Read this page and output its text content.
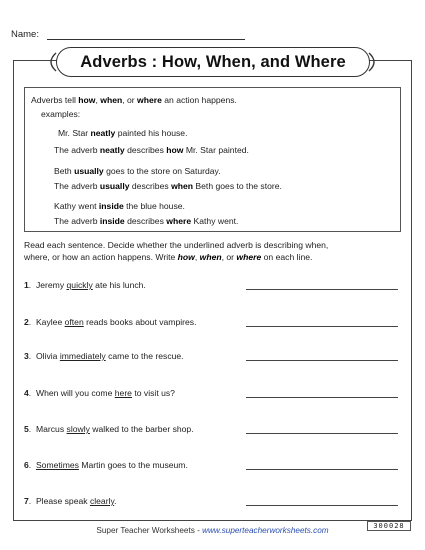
Name:
Adverbs : How, When, and Where
Adverbs tell how, when, or where an action happens.
examples:
Mr. Star neatly painted his house.
The adverb neatly describes how Mr. Star painted.
Beth usually goes to the store on Saturday.
The adverb usually describes when Beth goes to the store.
Kathy went inside the blue house.
The adverb inside describes where Kathy went.
Read each sentence. Decide whether the underlined adverb is describing when,
where, or how an action happens. Write how, when, or where on each line.
1. Jeremy quickly ate his lunch.
2. Kaylee often reads books about vampires.
3. Olivia immediately came to the rescue.
4. When will you come here to visit us?
5. Marcus slowly walked to the barber shop.
6. Sometimes Martin goes to the museum.
7. Please speak clearly.
Super Teacher Worksheets - www.superteacherworksheets.com	300028
